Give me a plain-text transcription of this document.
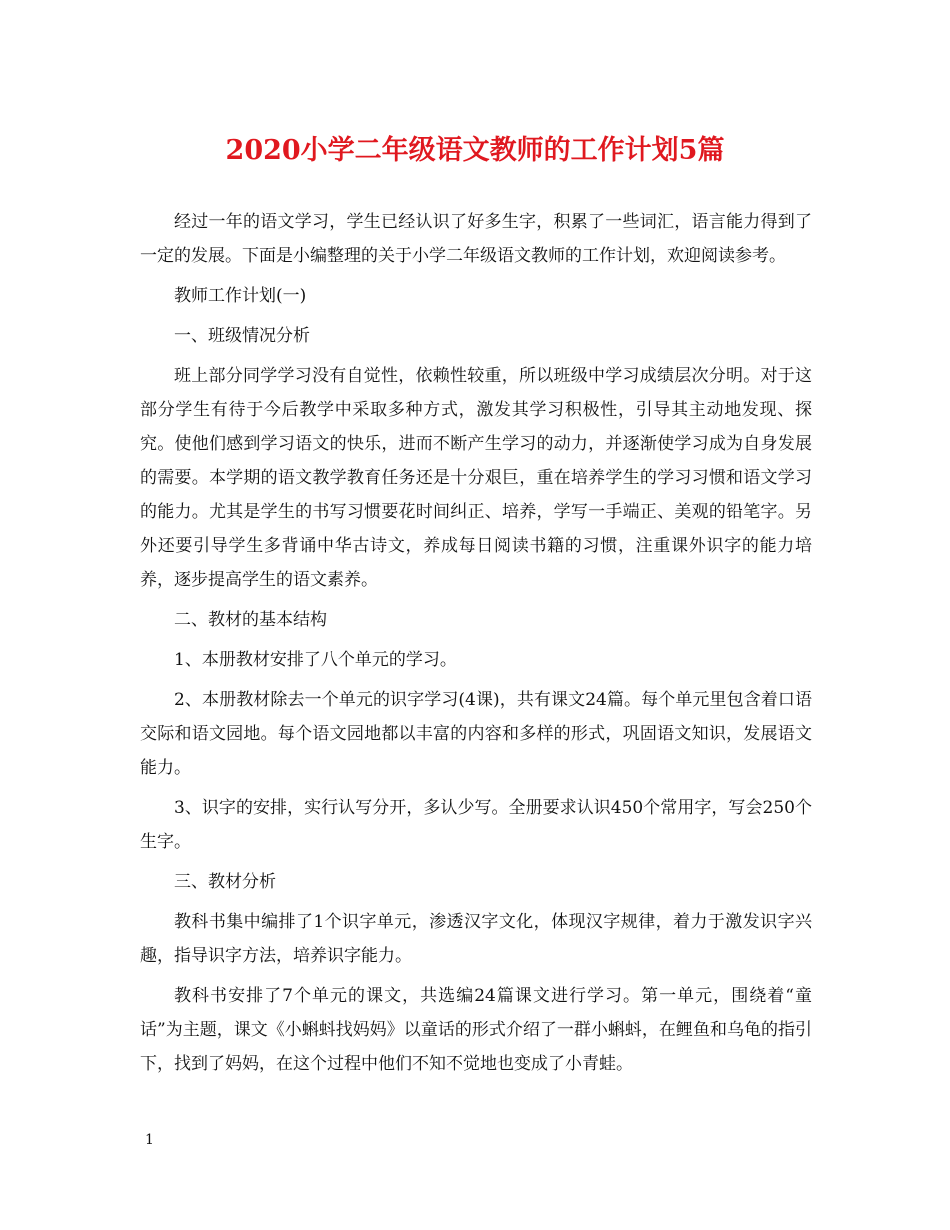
2020小学二年级语文教师的工作计划5篇

经过一年的语文学习，学生已经认识了好多生字，积累了一些词汇，语言能力得到了一定的发展。下面是小编整理的关于小学二年级语文教师的工作计划，欢迎阅读参考。

教师工作计划(一)

一、班级情况分析

班上部分同学学习没有自觉性，依赖性较重，所以班级中学习成绩层次分明。对于这部分学生有待于今后教学中采取多种方式，激发其学习积极性，引导其主动地发现、探究。使他们感到学习语文的快乐，进而不断产生学习的动力，并逐渐使学习成为自身发展的需要。本学期的语文教学教育任务还是十分艰巨，重在培养学生的学习习惯和语文学习的能力。尤其是学生的书写习惯要花时间纠正、培养，学写一手端正、美观的铅笔字。另外还要引导学生多背诵中华古诗文，养成每日阅读书籍的习惯，注重课外识字的能力培养，逐步提高学生的语文素养。

二、教材的基本结构

1、本册教材安排了八个单元的学习。

2、本册教材除去一个单元的识字学习(4课)，共有课文24篇。每个单元里包含着口语交际和语文园地。每个语文园地都以丰富的内容和多样的形式，巩固语文知识，发展语文能力。

3、识字的安排，实行认写分开，多认少写。全册要求认识450个常用字，写会250个生字。

三、教材分析

教科书集中编排了1个识字单元，渗透汉字文化，体现汉字规律，着力于激发识字兴趣，指导识字方法，培养识字能力。

教科书安排了7个单元的课文，共选编24篇课文进行学习。第一单元，围绕着“童话”为主题，课文《小蝌蚪找妈妈》以童话的形式介绍了一群小蝌蚪，在鲤鱼和乌龟的指引下，找到了妈妈，在这个过程中他们不知不觉地也变成了小青蛙。

1
